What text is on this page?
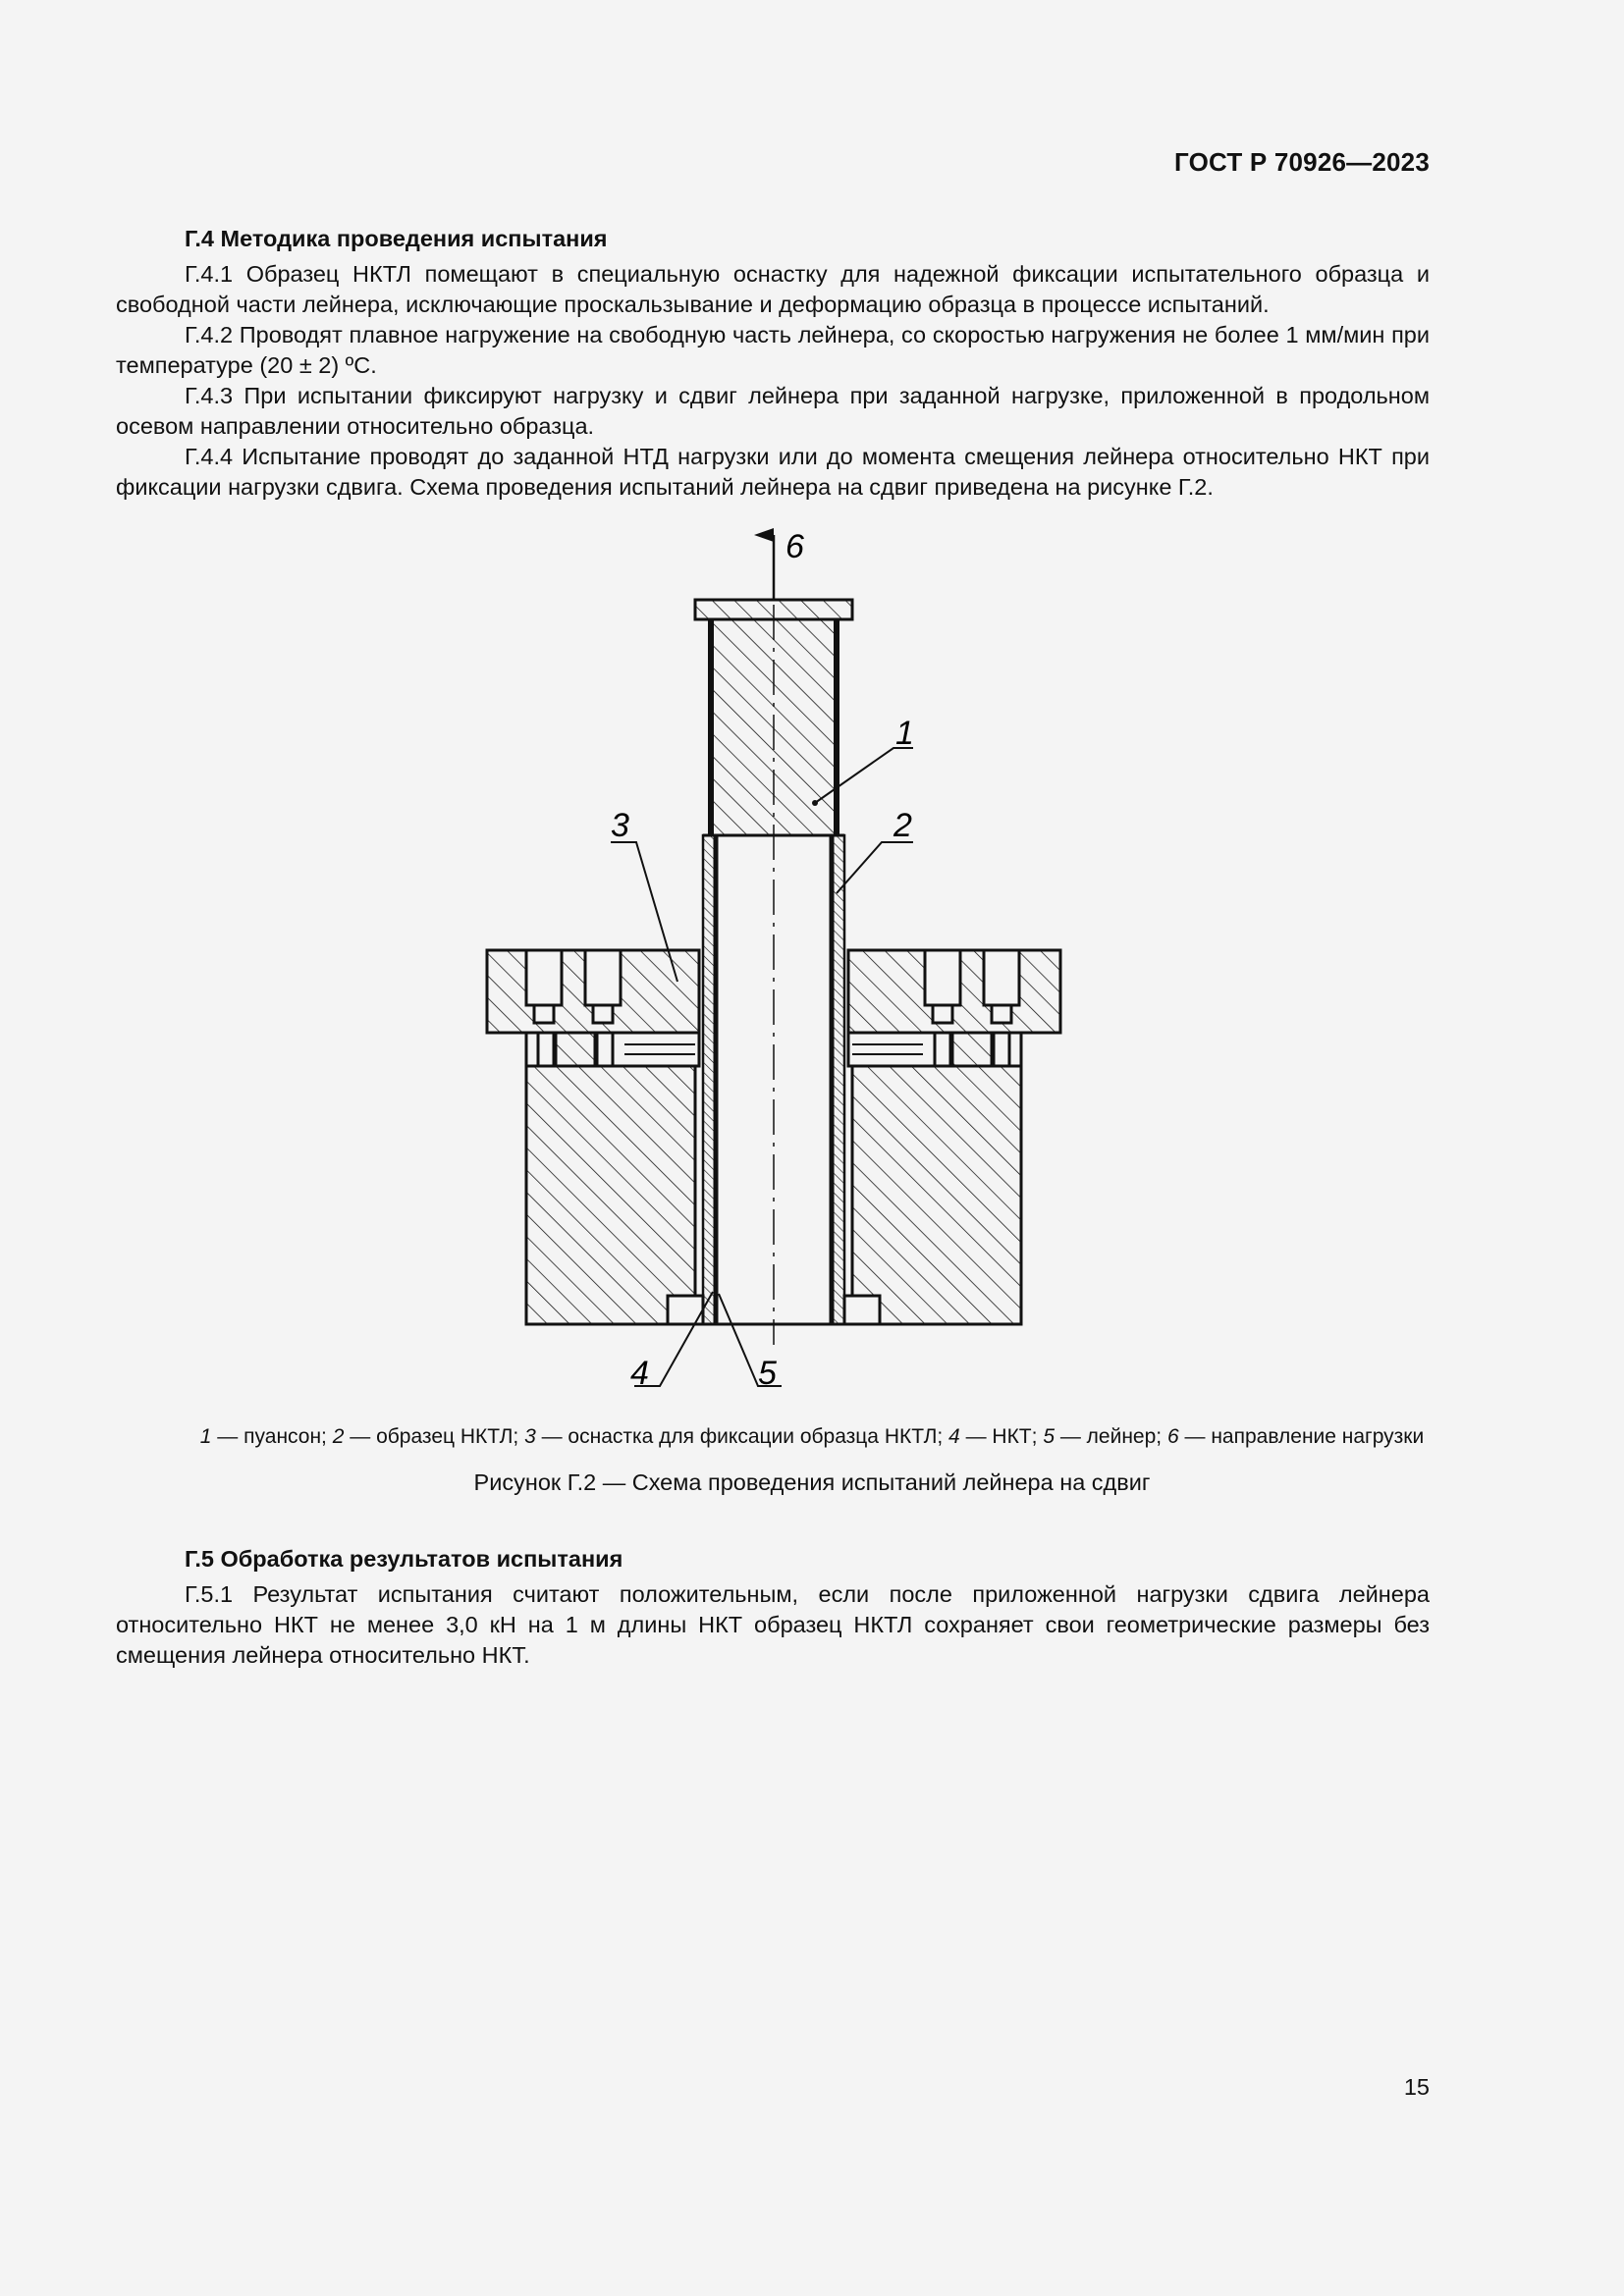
ГОСТ Р 70926—2023
Г.4 Методика проведения испытания

Г.4.1 Образец НКТЛ помещают в специальную оснастку для надежной фиксации испытательного образца и свободной части лейнера, исключающие проскальзывание и деформацию образца в процессе испытаний.

Г.4.2 Проводят плавное нагружение на свободную часть лейнера, со скоростью нагружения не более 1 мм/мин при температуре (20 ± 2) ºС.

Г.4.3 При испытании фиксируют нагрузку и сдвиг лейнера при заданной нагрузке, приложенной в продольном осевом направлении относительно образца.

Г.4.4 Испытание проводят до заданной НТД нагрузки или до момента смещения лейнера относительно НКТ при фиксации нагрузки сдвига. Схема проведения испытаний лейнера на сдвиг приведена на рисунке Г.2.

1
2
3
4	5
6
1 — пуансон; 2 — образец НКТЛ; 3 — оснастка для фиксации образца НКТЛ; 4 — НКТ; 5 — лейнер; 6 — направление нагрузки
Рисунок Г.2 — Схема проведения испытаний лейнера на сдвиг
Г.5 Обработка результатов испытания

Г.5.1 Результат испытания считают положительным, если после приложенной нагрузки сдвига лейнера относительно НКТ не менее 3,0 кН на 1 м длины НКТ образец НКТЛ сохраняет свои геометрические размеры без смещения лейнера относительно НКТ.

15
